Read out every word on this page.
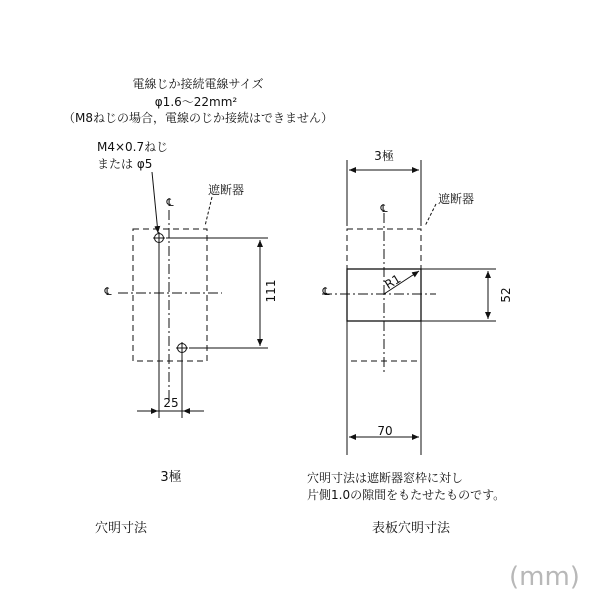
電線じか接続電線サイズ
φ1.6〜22mm²
（M8ねじの場合，電線のじか接続はできません）
M4×0.7ねじ
または φ5
遮断器
℄
℄	111
25
3極
穴明寸法
3極
遮断器
℄
℄	R1
52
70
穴明寸法は遮断器窓枠に対し
片側1.0の隙間をもたせたものです。
表板穴明寸法
(mm)
